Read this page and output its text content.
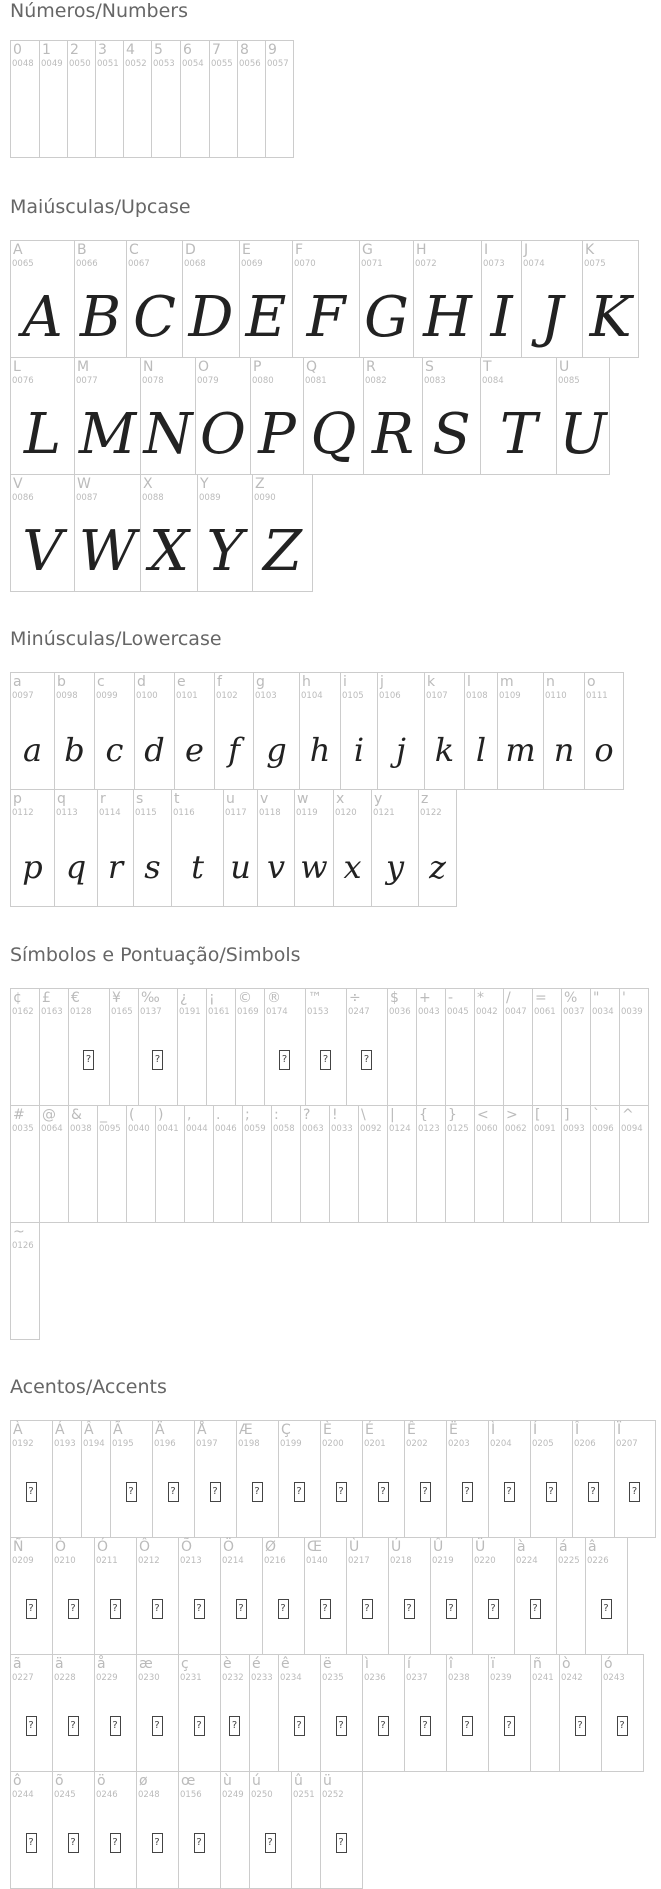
Números/Numbers
0
0048
1
0049
2
0050
3
0051
4
0052
5
0053
6
0054
7
0055
8
0056
9
0057
Maiúsculas/Upcase
A
0065
A
B
0066
B
C
0067
C
D
0068
D
E
0069
E
F
0070
F
G
0071
G
H
0072
H
I
0073
I
J
0074
J
K
0075
K
L
0076
L
M
0077
M
N
0078
N
O
0079
O
P
0080
P
Q
0081
Q
R
0082
R
S
0083
S
T
0084
T
U
0085
U
V
0086
V
W
0087
W
X
0088
X
Y
0089
Y
Z
0090
Z
Minúsculas/Lowercase
a
0097
a
b
0098
b
c
0099
c
d
0100
d
e
0101
e
f
0102
f
g
0103
g
h
0104
h
i
0105
i
j
0106
j
k
0107
k
l
0108
l
m
0109
m
n
0110
n
o
0111
o
p
0112
p
q
0113
q
r
0114
r
s
0115
s
t
0116
t
u
0117
u
v
0118
v
w
0119
w
x
0120
x
y
0121
y
z
0122
z
Símbolos e Pontuação/Simbols
¢
0162
£
0163
€
0128
?
¥
0165
‰
0137
?
¿
0191
¡
0161
©
0169
®
0174
?
™
0153
?
÷
0247
?
$
0036
+
0043
-
0045
*
0042
/
0047
=
0061
%
0037
"
0034
'
0039
#
0035
@
0064
&
0038
_
0095
(
0040
)
0041
,
0044
.
0046
;
0059
:
0058
?
0063
!
0033
\
0092
|
0124
{
0123
}
0125
<
0060
>
0062
[
0091
]
0093
`
0096
^
0094
~
0126
Acentos/Accents
À
0192
?
Á
0193
Â
0194
Ã
0195
?
Ä
0196
?
Å
0197
?
Æ
0198
?
Ç
0199
?
È
0200
?
É
0201
?
Ê
0202
?
Ë
0203
?
Ì
0204
?
Í
0205
?
Î
0206
?
Ï
0207
?
Ñ
0209
?
Ò
0210
?
Ó
0211
?
Ô
0212
?
Õ
0213
?
Ö
0214
?
Ø
0216
?
Œ
0140
?
Ù
0217
?
Ú
0218
?
Û
0219
?
Ü
0220
?
à
0224
?
á
0225
â
0226
?
ã
0227
?
ä
0228
?
å
0229
?
æ
0230
?
ç
0231
?
è
0232
?
é
0233
ê
0234
?
ë
0235
?
ì
0236
?
í
0237
?
î
0238
?
ï
0239
?
ñ
0241
ò
0242
?
ó
0243
?
ô
0244
?
õ
0245
?
ö
0246
?
ø
0248
?
œ
0156
?
ù
0249
ú
0250
?
û
0251
ü
0252
?
